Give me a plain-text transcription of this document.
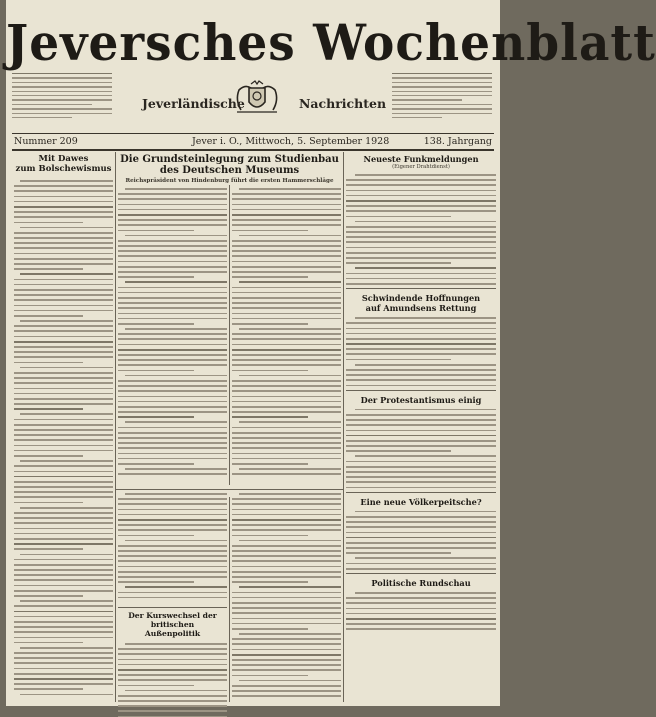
Jeversches Wochenblatt
Jeverländische	Nachrichten
Nummer 209	Jever i. O., Mittwoch, 5. September 1928	138. Jahrgang
Mit Dawes
zum Bolschewismus
Die Grundsteinlegung zum Studienbau
des Deutschen Museums
Reichspräsident von Hindenburg führt die ersten Hammerschläge
Der Kurswechsel der britischen
Außenpolitik
Neueste Funkmeldungen
(Eigener Drahtdienst)
Schwindende Hoffnungen
auf Amundsens Rettung
Der Protestantismus einig
Eine neue Völkerpeitsche?
Politische Rundschau
